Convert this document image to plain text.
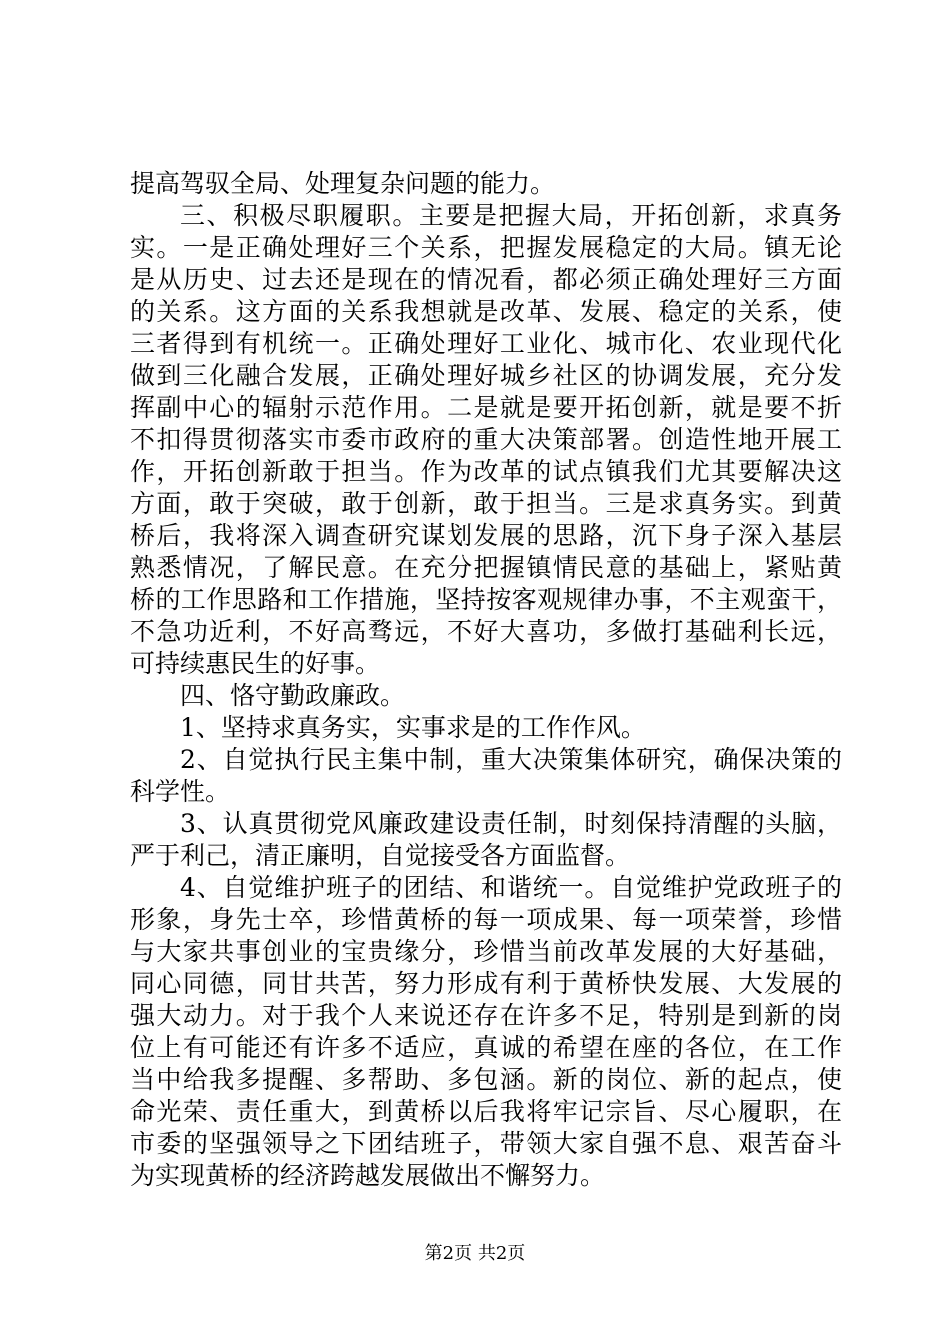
提高驾驭全局、处理复杂问题的能力。
三、积极尽职履职。主要是把握大局，开拓创新，求真务
实。一是正确处理好三个关系，把握发展稳定的大局。镇无论
是从历史、过去还是现在的情况看，都必须正确处理好三方面
的关系。这方面的关系我想就是改革、发展、稳定的关系，使
三者得到有机统一。正确处理好工业化、城市化、农业现代化
做到三化融合发展，正确处理好城乡社区的协调发展，充分发
挥副中心的辐射示范作用。二是就是要开拓创新，就是要不折
不扣得贯彻落实市委市政府的重大决策部署。创造性地开展工
作，开拓创新敢于担当。作为改革的试点镇我们尤其要解决这
方面，敢于突破，敢于创新，敢于担当。三是求真务实。到黄
桥后，我将深入调查研究谋划发展的思路，沉下身子深入基层
熟悉情况，了解民意。在充分把握镇情民意的基础上，紧贴黄
桥的工作思路和工作措施，坚持按客观规律办事，不主观蛮干，
不急功近利，不好高骛远，不好大喜功，多做打基础利长远，
可持续惠民生的好事。
四、恪守勤政廉政。
1、坚持求真务实，实事求是的工作作风。
2、自觉执行民主集中制，重大决策集体研究，确保决策的
科学性。
3、认真贯彻党风廉政建设责任制，时刻保持清醒的头脑，
严于利己，清正廉明，自觉接受各方面监督。
4、自觉维护班子的团结、和谐统一。自觉维护党政班子的
形象，身先士卒，珍惜黄桥的每一项成果、每一项荣誉，珍惜
与大家共事创业的宝贵缘分，珍惜当前改革发展的大好基础，
同心同德，同甘共苦，努力形成有利于黄桥快发展、大发展的
强大动力。对于我个人来说还存在许多不足，特别是到新的岗
位上有可能还有许多不适应，真诚的希望在座的各位，在工作
当中给我多提醒、多帮助、多包涵。新的岗位、新的起点，使
命光荣、责任重大，到黄桥以后我将牢记宗旨、尽心履职，在
市委的坚强领导之下团结班子，带领大家自强不息、艰苦奋斗
为实现黄桥的经济跨越发展做出不懈努力。
第2页 共2页
